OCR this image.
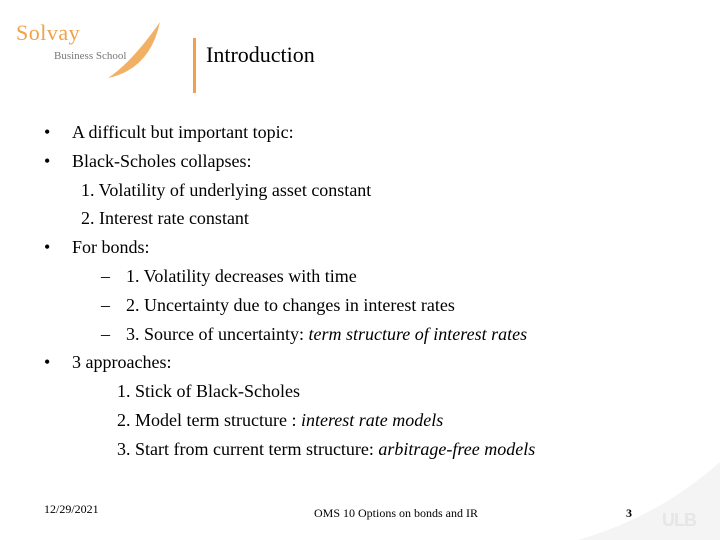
Solvay
Business School	Introduction
• A difficult but important topic:
• Black-Scholes collapses:
1. Volatility of underlying asset constant
2. Interest rate constant
• For bonds:
– 1. Volatility decreases with time
– 2. Uncertainty due to changes in interest rates
– 3. Source of uncertainty: term structure of interest rates
• 3 approaches:
1. Stick of Black-Scholes
2. Model term structure : interest rate models
3. Start from current term structure: arbitrage-free models
12/29/2021	OMS 10 Options on bonds and IR	3 ULB
